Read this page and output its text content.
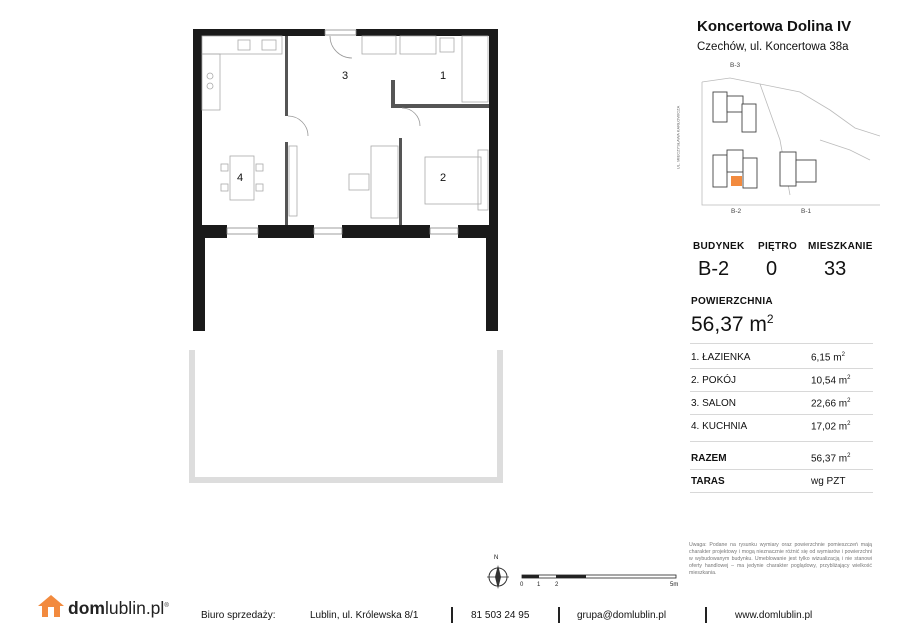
3	1
4	2
N
0 1 2	5m
Koncertowa Dolina IV
Czechów, ul. Koncertowa 38a
B-3
B-2	B-1
UL. MIECZYSŁAWA KARŁOWICZA
BUDYNEK PIĘTRO MIESZKANIE
B-2 0 33
POWIERZCHNIA
56,37 $m^2$
1. ŁAZIENKA	6,15 $m^2$
2. POKÓJ	10,54 $m^2$
3. SALON	22,66 $m^2$
4. KUCHNIA	17,02 $m^2$
RAZEM	56,37 $m^2$
TARAS	wg PZT
Uwaga: Podane na rysunku wymiary oraz powierzchnie pomieszczeń mają charakter projektowy i mogą nieznacznie różnić się od wymiarów i powierzchni w wybudowanym budynku. Umeblowanie jest tylko wizualizacją i nie stanowi oferty handlowej – ma jedynie charakter poglądowy, przybliżający wielkość mieszkania.
domlublin.pl®
Biuro sprzedaży:	Lublin, ul. Królewska 8/1	81 503 24 95	grupa@domlublin.pl	www.domlublin.pl
